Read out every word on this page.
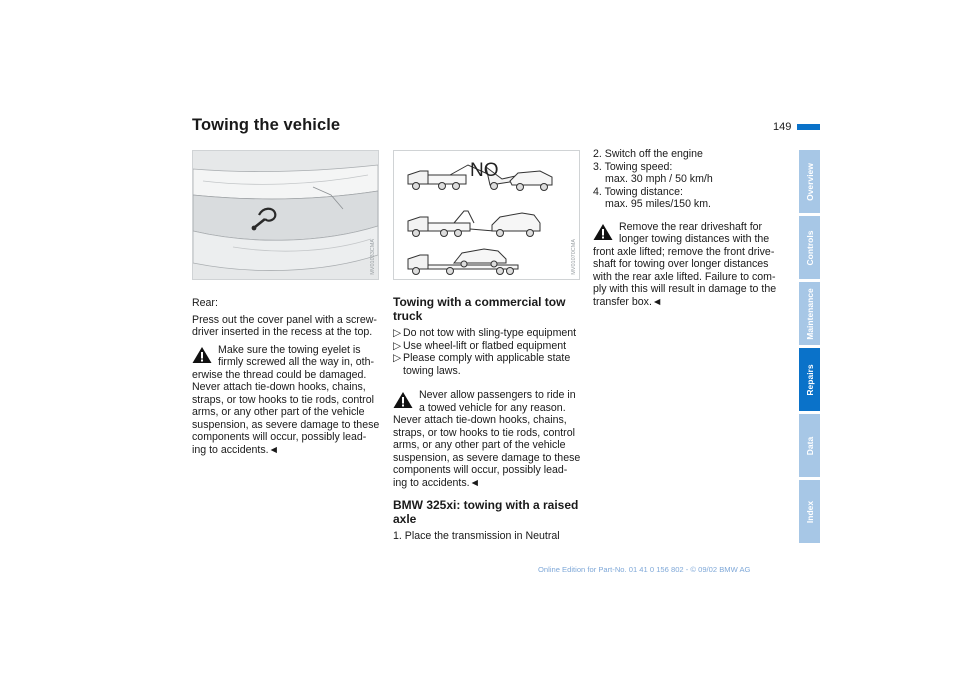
Towing the vehicle	149
MV01033CMA
NO
MV01070CMA

Rear:

Press out the cover panel with a screw-

driver inserted in the recess at the top.

Make sure the towing eyelet is

firmly screwed all the way in, oth-

erwise the thread could be damaged.

Never attach tie-down hooks, chains,

straps, or tow hooks to tie rods, control

arms, or any other part of the vehicle

suspension, as severe damage to these

components will occur, possibly lead-

ing to accidents.◄

Towing with a commercial tow
truck
▷ Do not tow with sling-type equipment
▷ Use wheel-lift or flatbed equipment
▷ Please comply with applicable state
towing laws.

Never allow passengers to ride in

a towed vehicle for any reason.

Never attach tie-down hooks, chains,

straps, or tow hooks to tie rods, control

arms, or any other part of the vehicle

suspension, as severe damage to these

components will occur, possibly lead-

ing to accidents.◄

BMW 325xi: towing with a raised
axle

1. Place the transmission in Neutral

2. Switch off the engine

3. Towing speed:

max. 30 mph / 50 km/h

4. Towing distance:

max. 95 miles/150 km.

Remove the rear driveshaft for

longer towing distances with the

front axle lifted; remove the front drive-

shaft for towing over longer distances

with the rear axle lifted. Failure to com-

ply with this will result in damage to the

transfer box.◄

Overview
Controls
Maintenance
Repairs
Data
Index
Online Edition for Part-No. 01 41 0 156 802 - © 09/02 BMW AG
